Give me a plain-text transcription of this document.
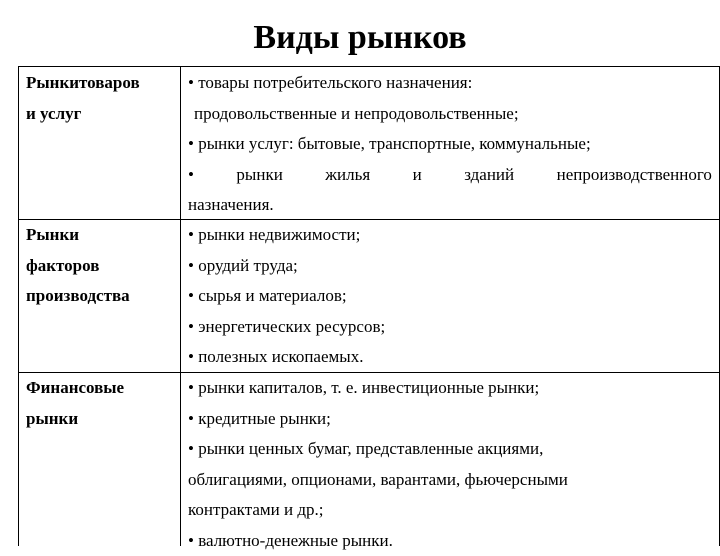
Виды рынков
Рынкитоваров
и услуг
• товары потребительского назначения:
продовольственные и непродовольственные;
• рынки услуг: бытовые, транспортные, коммунальные;
• рынки жилья и зданий непроизводственного
назначения.
Рынки
факторов
производства
• рынки недвижимости;
• орудий труда;
• сырья и материалов;
• энергетических ресурсов;
• полезных ископаемых.
Финансовые
рынки
• рынки капиталов, т. е. инвестиционные рынки;
• кредитные рынки;
• рынки ценных бумаг, представленные акциями,
облигациями, опционами, варантами, фьючерсными
контрактами и др.;
• валютно-денежные рынки.
